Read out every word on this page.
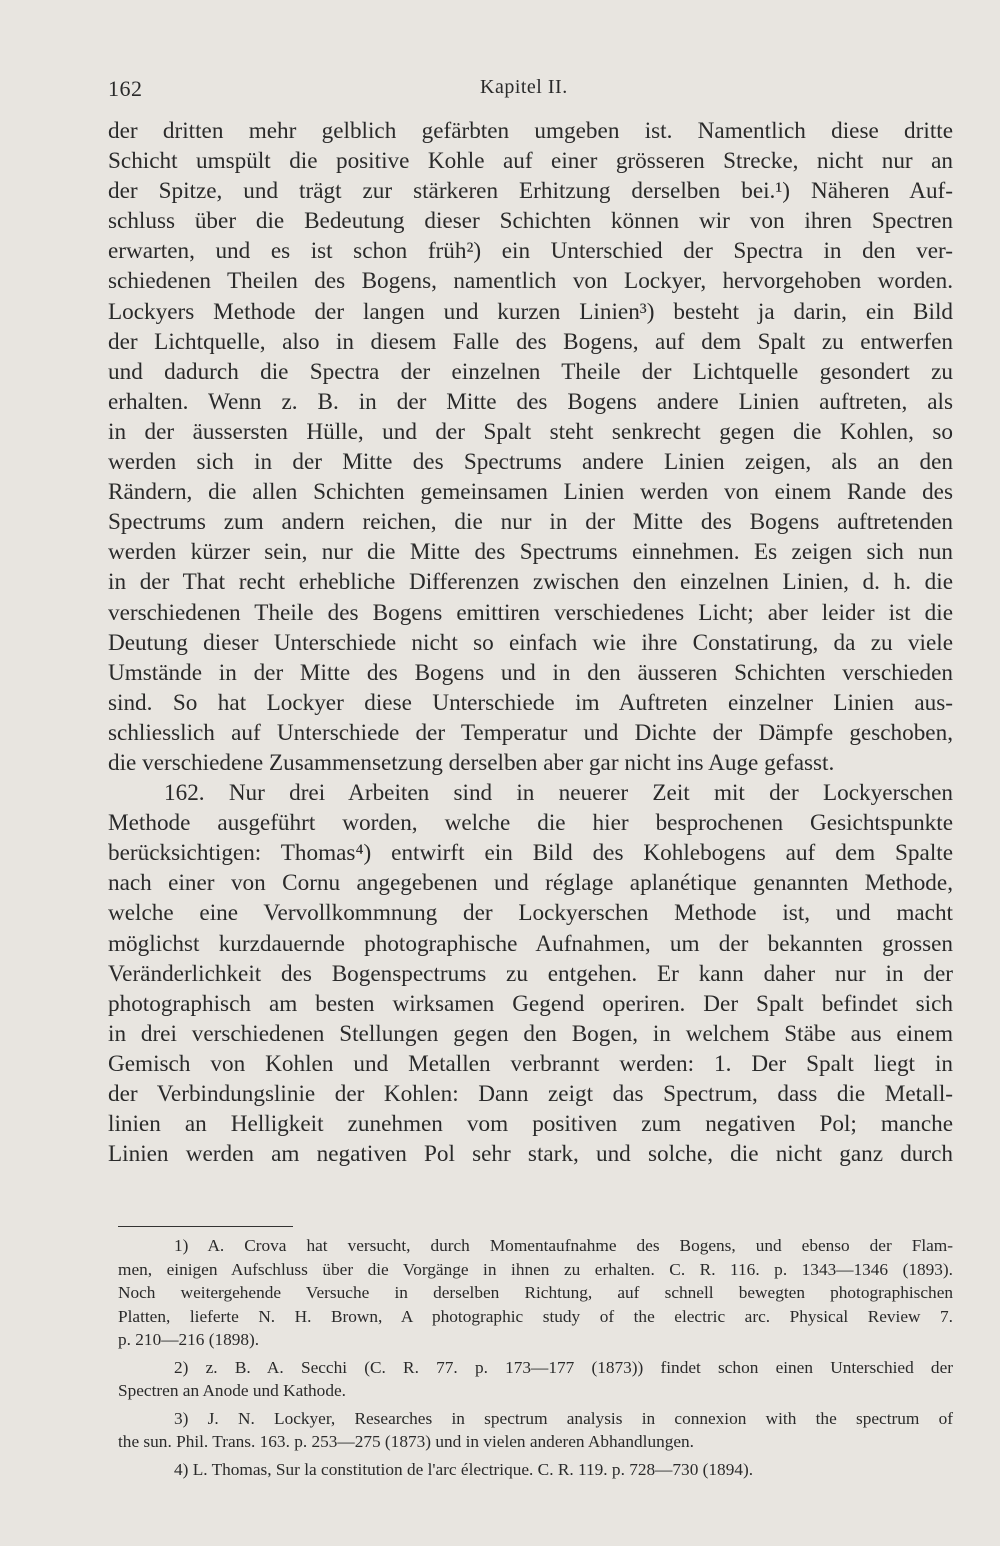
162	Kapitel II.
der dritten mehr gelblich gefärbten umgeben ist. Namentlich diese dritte
Schicht umspült die positive Kohle auf einer grösseren Strecke, nicht nur an
der Spitze, und trägt zur stärkeren Erhitzung derselben bei.¹) Näheren Auf-
schluss über die Bedeutung dieser Schichten können wir von ihren Spectren
erwarten, und es ist schon früh²) ein Unterschied der Spectra in den ver-
schiedenen Theilen des Bogens, namentlich von Lockyer, hervorgehoben worden.
Lockyers Methode der langen und kurzen Linien³) besteht ja darin, ein Bild
der Lichtquelle, also in diesem Falle des Bogens, auf dem Spalt zu entwerfen
und dadurch die Spectra der einzelnen Theile der Lichtquelle gesondert zu
erhalten. Wenn z. B. in der Mitte des Bogens andere Linien auftreten, als
in der äussersten Hülle, und der Spalt steht senkrecht gegen die Kohlen, so
werden sich in der Mitte des Spectrums andere Linien zeigen, als an den
Rändern, die allen Schichten gemeinsamen Linien werden von einem Rande des
Spectrums zum andern reichen, die nur in der Mitte des Bogens auftretenden
werden kürzer sein, nur die Mitte des Spectrums einnehmen. Es zeigen sich nun
in der That recht erhebliche Differenzen zwischen den einzelnen Linien, d. h. die
verschiedenen Theile des Bogens emittiren verschiedenes Licht; aber leider ist die
Deutung dieser Unterschiede nicht so einfach wie ihre Constatirung, da zu viele
Umstände in der Mitte des Bogens und in den äusseren Schichten verschieden
sind. So hat Lockyer diese Unterschiede im Auftreten einzelner Linien aus-
schliesslich auf Unterschiede der Temperatur und Dichte der Dämpfe geschoben,
die verschiedene Zusammensetzung derselben aber gar nicht ins Auge gefasst.
162. Nur drei Arbeiten sind in neuerer Zeit mit der Lockyerschen
Methode ausgeführt worden, welche die hier besprochenen Gesichtspunkte
berücksichtigen: Thomas⁴) entwirft ein Bild des Kohlebogens auf dem Spalte
nach einer von Cornu angegebenen und réglage aplanétique genannten Methode,
welche eine Vervollkommnung der Lockyerschen Methode ist, und macht
möglichst kurzdauernde photographische Aufnahmen, um der bekannten grossen
Veränderlichkeit des Bogenspectrums zu entgehen. Er kann daher nur in der
photographisch am besten wirksamen Gegend operiren. Der Spalt befindet sich
in drei verschiedenen Stellungen gegen den Bogen, in welchem Stäbe aus einem
Gemisch von Kohlen und Metallen verbrannt werden: 1. Der Spalt liegt in
der Verbindungslinie der Kohlen: Dann zeigt das Spectrum, dass die Metall-
linien an Helligkeit zunehmen vom positiven zum negativen Pol; manche
Linien werden am negativen Pol sehr stark, und solche, die nicht ganz durch
1) A. Crova hat versucht, durch Momentaufnahme des Bogens, und ebenso der Flam-
men, einigen Aufschluss über die Vorgänge in ihnen zu erhalten. C. R. 116. p. 1343—1346 (1893).
Noch weitergehende Versuche in derselben Richtung, auf schnell bewegten photographischen
Platten, lieferte N. H. Brown, A photographic study of the electric arc. Physical Review 7.
p. 210—216 (1898).
2) z. B. A. Secchi (C. R. 77. p. 173—177 (1873)) findet schon einen Unterschied der
Spectren an Anode und Kathode.
3) J. N. Lockyer, Researches in spectrum analysis in connexion with the spectrum of
the sun. Phil. Trans. 163. p. 253—275 (1873) und in vielen anderen Abhandlungen.
4) L. Thomas, Sur la constitution de l'arc électrique. C. R. 119. p. 728—730 (1894).
